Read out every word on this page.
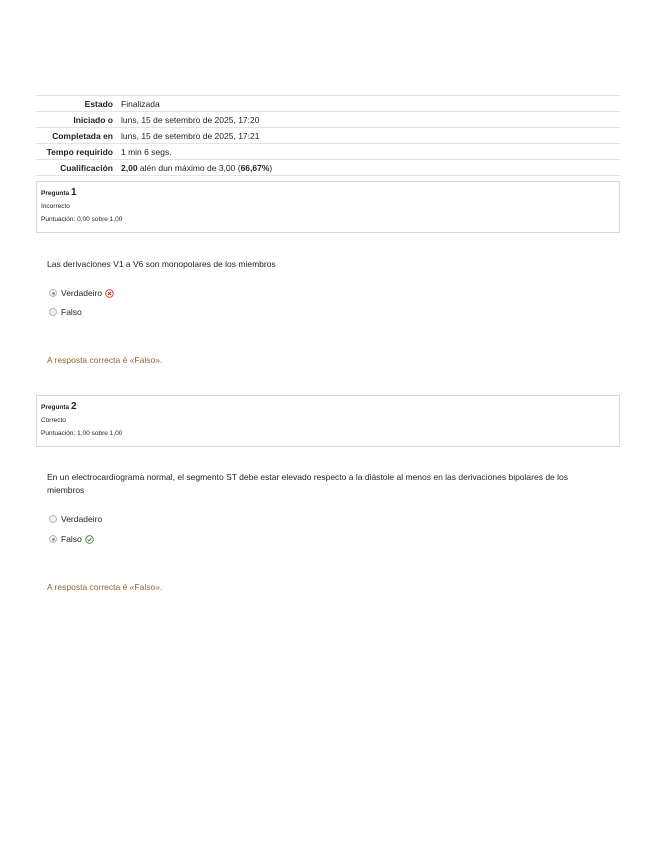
Estado Finalizada
Iniciado o luns, 15 de setembro de 2025, 17:20
Completada en luns, 15 de setembro de 2025, 17:21
Tempo requirido 1 min 6 segs.
Cualificación 2,00 alén dun máximo de 3,00 (66,67%)
Pregunta 1
Incorrecto
Puntuación: 0,00 sobre 1,00
Las derivaciones V1 a V6 son monopolares de los miembros
Verdadeiro
Falso
A resposta correcta é «Falso».
Pregunta 2
Correcto
Puntuación: 1,00 sobre 1,00
En un electrocardiograma normal, el segmento ST debe estar elevado respecto a la diástole al menos en las derivaciones bipolares de los miembros
Verdadeiro
Falso
A resposta correcta é «Falso».
